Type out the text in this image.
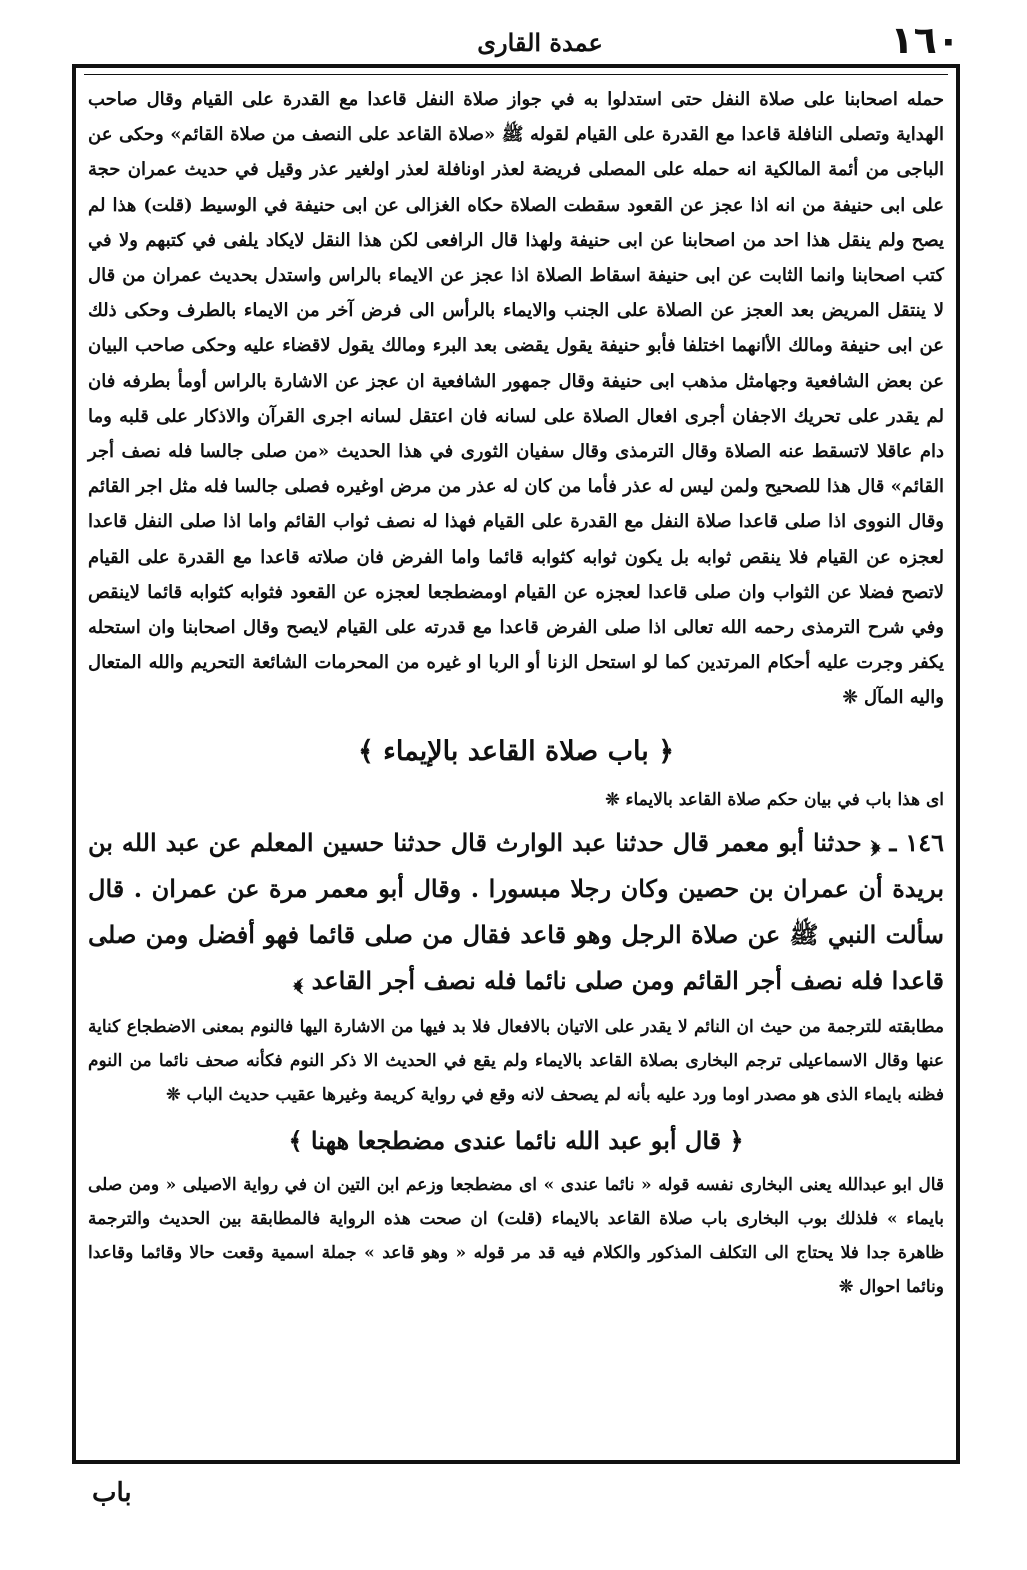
١٦٠
عمدة القاری

حمله اصحابنا على صلاة النفل حتى استدلوا به في جواز صلاة النفل قاعدا مع القدرة على القيام وقال صاحب الهداية وتصلى النافلة قاعدا مع القدرة على القيام لقوله ﷺ «صلاة القاعد على النصف من صلاة القائم» وحكى عن الباجى من أئمة المالكية انه حمله على المصلى فريضة لعذر اونافلة لعذر اولغير عذر وقيل في حديث عمران حجة على ابى حنيفة من انه اذا عجز عن القعود سقطت الصلاة حكاه الغزالى عن ابى حنيفة في الوسيط (قلت) هذا لم يصح ولم ينقل هذا احد من اصحابنا عن ابى حنيفة ولهذا قال الرافعى لكن هذا النقل لايكاد يلفى في كتبهم ولا في كتب اصحابنا وانما الثابت عن ابى حنيفة اسقاط الصلاة اذا عجز عن الايماء بالراس واستدل بحديث عمران من قال لا ينتقل المريض بعد العجز عن الصلاة على الجنب والايماء بالرأس الى فرض آخر من الايماء بالطرف وحكى ذلك عن ابى حنيفة ومالك الأانهما اختلفا فأبو حنيفة يقول يقضى بعد البرء ومالك يقول لاقضاء عليه وحكى صاحب البيان عن بعض الشافعية وجهامثل مذهب ابى حنيفة وقال جمهور الشافعية ان عجز عن الاشارة بالراس أومأ بطرفه فان لم يقدر على تحريك الاجفان أجرى افعال الصلاة على لسانه فان اعتقل لسانه اجرى القرآن والاذكار على قلبه وما دام عاقلا لاتسقط عنه الصلاة وقال الترمذى وقال سفيان الثورى في هذا الحديث «من صلى جالسا فله نصف أجر القائم» قال هذا للصحيح ولمن ليس له عذر فأما من كان له عذر من مرض اوغيره فصلى جالسا فله مثل اجر القائم وقال النووى اذا صلى قاعدا صلاة النفل مع القدرة على القيام فهذا له نصف ثواب القائم واما اذا صلى النفل قاعدا لعجزه عن القيام فلا ينقص ثوابه بل يكون ثوابه كثوابه قائما واما الفرض فان صلاته قاعدا مع القدرة على القيام لاتصح فضلا عن الثواب وان صلى قاعدا لعجزه عن القيام اومضطجعا لعجزه عن القعود فثوابه كثوابه قائما لاينقص وفي شرح الترمذى رحمه الله تعالى اذا صلى الفرض قاعدا مع قدرته على القيام لايصح وقال اصحابنا وان استحله يكفر وجرت عليه أحكام المرتدين كما لو استحل الزنا أو الربا او غيره من المحرمات الشائعة التحريم والله المتعال واليه المآل ❊

﴿ باب صلاة القاعد بالإيماء ﴾

اى هذا باب في بيان حكم صلاة القاعد بالايماء ❊

١٤٦ ـ ﴿ حدثنا أبو معمر قال حدثنا عبد الوارث قال حدثنا حسين المعلم عن عبد الله بن بريدة أن عمران بن حصين وكان رجلا مبسورا . وقال أبو معمر مرة عن عمران . قال سألت النبي ﷺ عن صلاة الرجل وهو قاعد فقال من صلى قائما فهو أفضل ومن صلى قاعدا فله نصف أجر القائم ومن صلى نائما فله نصف أجر القاعد ﴾

مطابقته للترجمة من حيث ان النائم لا يقدر على الاتيان بالافعال فلا بد فيها من الاشارة اليها فالنوم بمعنى الاضطجاع كناية عنها وقال الاسماعيلى ترجم البخارى بصلاة القاعد بالايماء ولم يقع في الحديث الا ذكر النوم فكأنه صحف نائما من النوم فظنه بايماء الذى هو مصدر اوما ورد عليه بأنه لم يصحف لانه وقع في رواية كريمة وغيرها عقيب حديث الباب ❊

﴿ قال أبو عبد الله نائما عندى مضطجعا ههنا ﴾

قال ابو عبدالله يعنى البخارى نفسه قوله « نائما عندى » اى مضطجعا وزعم ابن التين ان في رواية الاصيلى « ومن صلى بايماء » فلذلك بوب البخارى باب صلاة القاعد بالايماء (قلت) ان صحت هذه الرواية فالمطابقة بين الحديث والترجمة ظاهرة جدا فلا يحتاج الى التكلف المذكور والكلام فيه قد مر قوله « وهو قاعد » جملة اسمية وقعت حالا وقائما وقاعدا ونائما احوال ❊

باب
